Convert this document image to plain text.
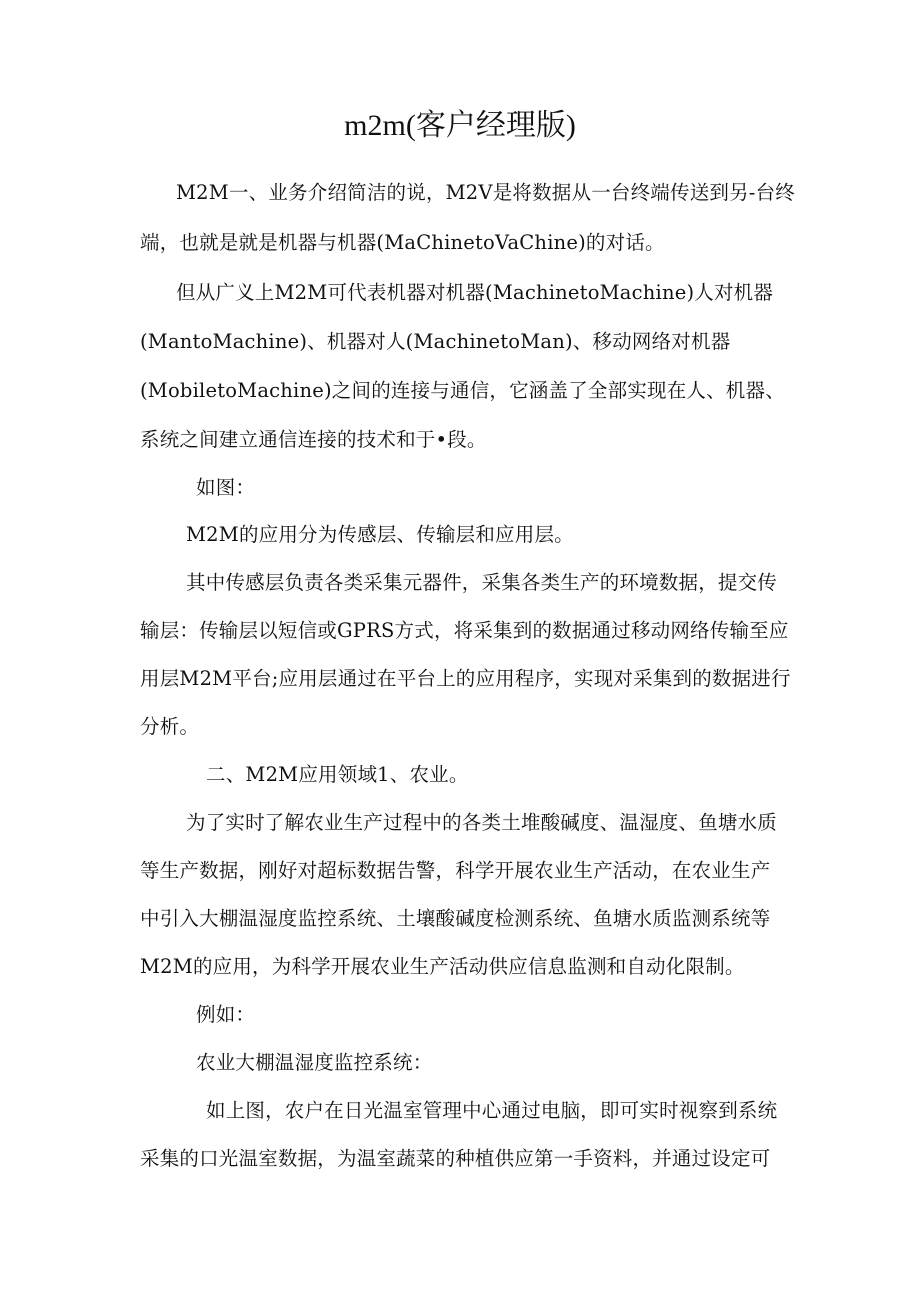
m2m(客户经理版)
M2M一、业务介绍简洁的说，M2V是将数据从一台终端传送到另-台终
端，也就是就是机器与机器(MaChinetoVaChine)的对话。
但从广义上M2M可代表机器对机器(MachinetoMachine)人对机器
(MantoMachine)、机器对人(MachinetoMan)、移动网络对机器
(MobiletoMachine)之间的连接与通信，它涵盖了全部实现在人、机器、
系统之间建立通信连接的技术和于•段。
如图：
M2M的应用分为传感层、传输层和应用层。
其中传感层负责各类采集元器件，采集各类生产的环境数据，提交传
输层：传输层以短信或GPRS方式，将采集到的数据通过移动网络传输至应
用层M2M平台;应用层通过在平台上的应用程序，实现对采集到的数据进行
分析。
二、M2M应用领域1、农业。
为了实时了解农业生产过程中的各类土堆酸碱度、温湿度、鱼塘水质
等生产数据，刚好对超标数据告警，科学开展农业生产活动，在农业生产
中引入大棚温湿度监控系统、土壤酸碱度检测系统、鱼塘水质监测系统等
M2M的应用，为科学开展农业生产活动供应信息监测和自动化限制。
例如：
农业大棚温湿度监控系统：
如上图，农户在日光温室管理中心通过电脑，即可实时视察到系统
采集的口光温室数据，为温室蔬菜的种植供应第一手资料，并通过设定可
